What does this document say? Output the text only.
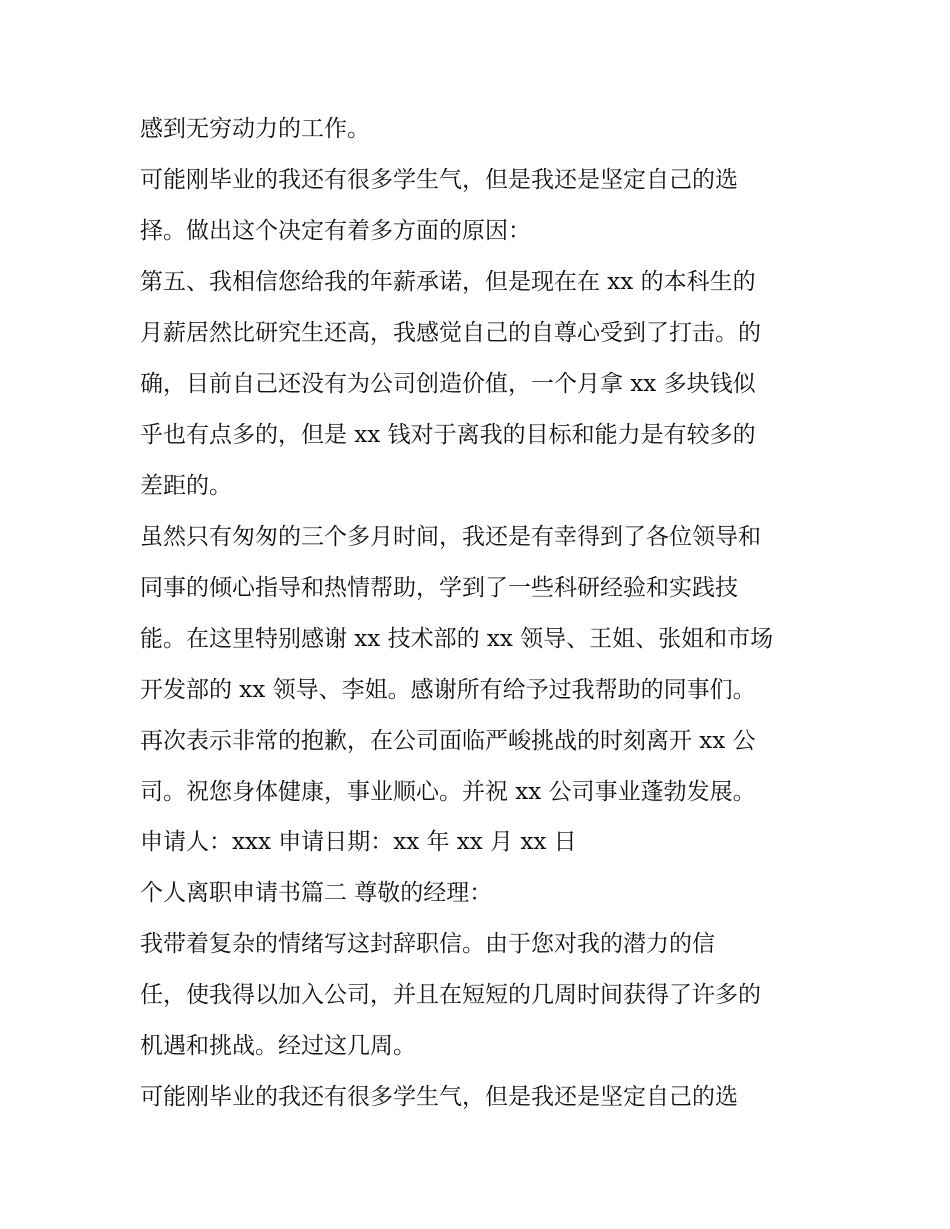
感到无穷动力的工作。
可能刚毕业的我还有很多学生气，但是我还是坚定自己的选
择。做出这个决定有着多方面的原因：
第五、我相信您给我的年薪承诺，但是现在在 xx 的本科生的
月薪居然比研究生还高，我感觉自己的自尊心受到了打击。的
确，目前自己还没有为公司创造价值，一个月拿 xx 多块钱似
乎也有点多的，但是 xx 钱对于离我的目标和能力是有较多的
差距的。
虽然只有匆匆的三个多月时间，我还是有幸得到了各位领导和
同事的倾心指导和热情帮助，学到了一些科研经验和实践技
能。在这里特别感谢 xx 技术部的 xx 领导、王姐、张姐和市场
开发部的 xx 领导、李姐。感谢所有给予过我帮助的同事们。
再次表示非常的抱歉，在公司面临严峻挑战的时刻离开 xx 公
司。祝您身体健康，事业顺心。并祝 xx 公司事业蓬勃发展。
申请人：xxx 申请日期：xx 年 xx 月 xx 日
个人离职申请书篇二 尊敬的经理：
我带着复杂的情绪写这封辞职信。由于您对我的潜力的信
任，使我得以加入公司，并且在短短的几周时间获得了许多的
机遇和挑战。经过这几周。
可能刚毕业的我还有很多学生气，但是我还是坚定自己的选
